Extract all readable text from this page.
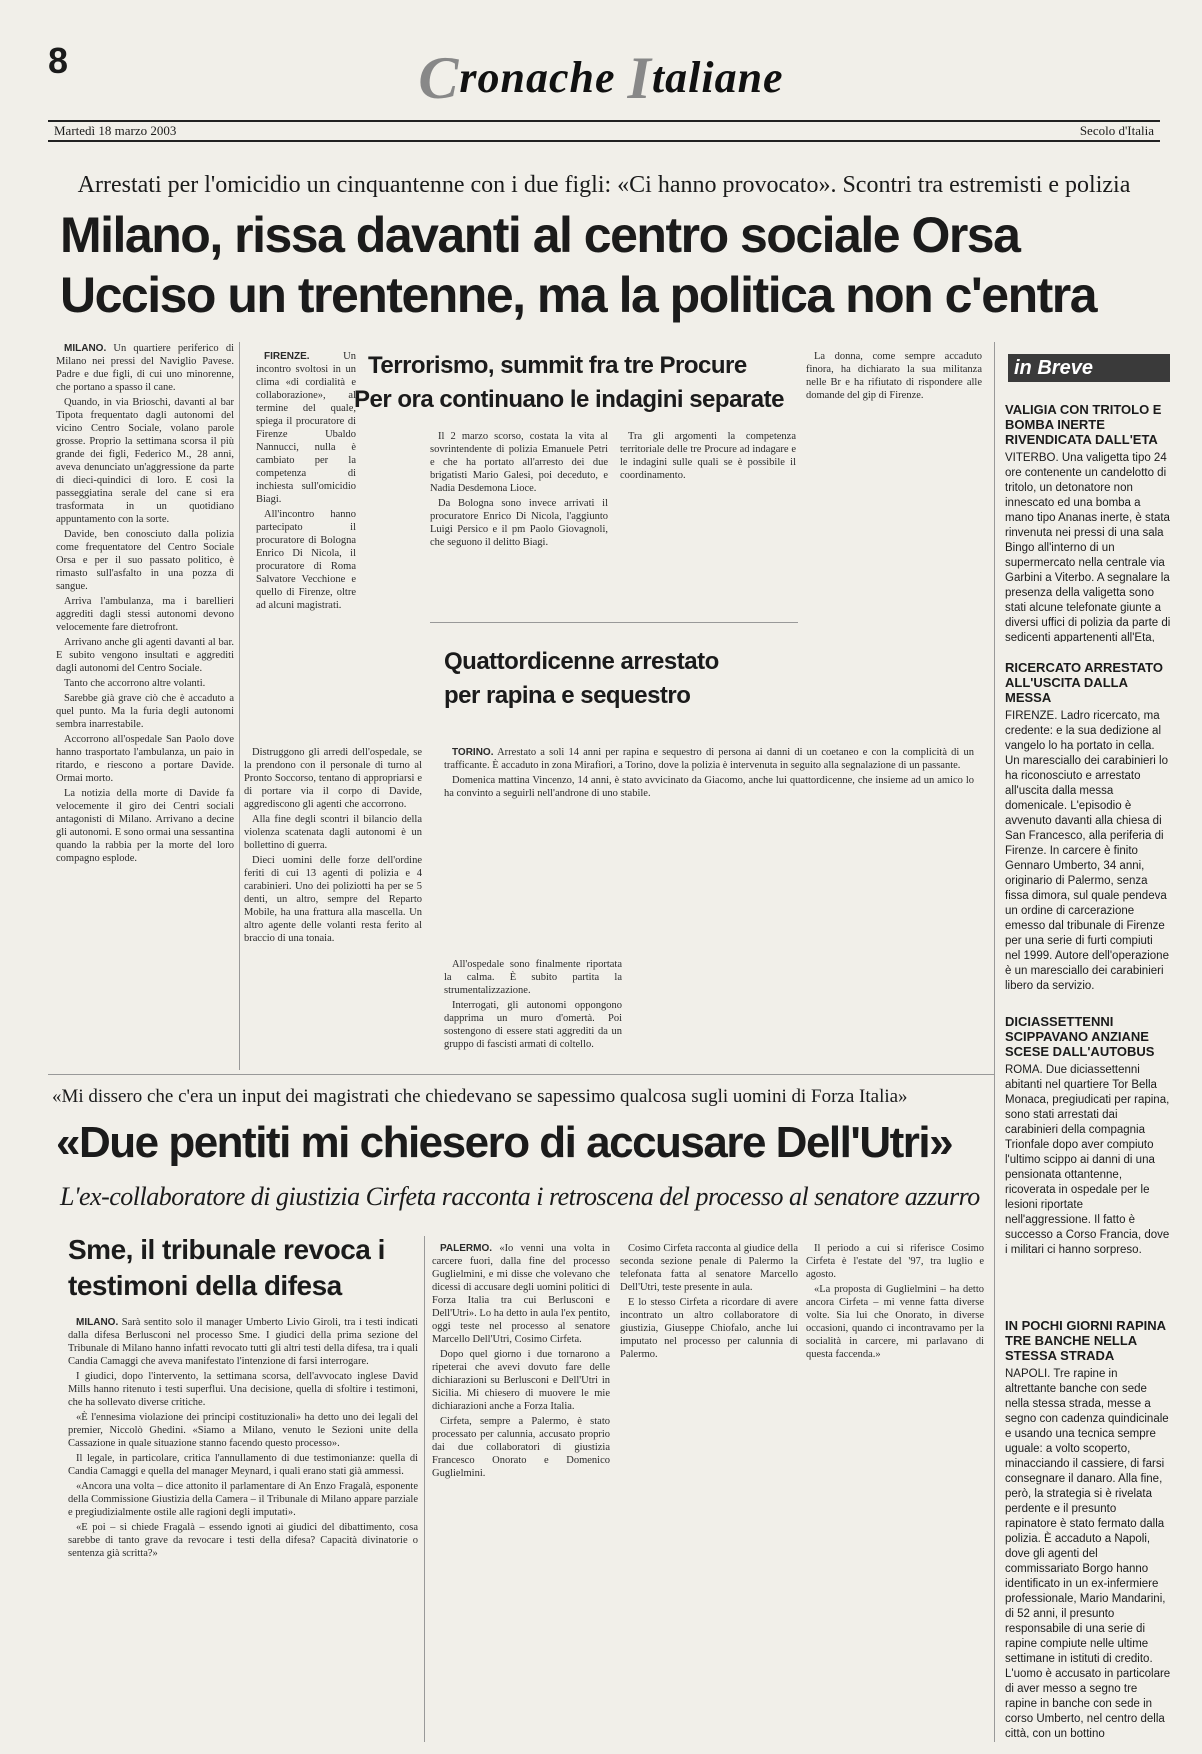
8	Cronache Italiane
Martedì 18 marzo 2003	Secolo d'Italia
Arrestati per l'omicidio un cinquantenne con i due figli: «Ci hanno provocato». Scontri tra estremisti e polizia
Milano, rissa davanti al centro sociale Orsa
Ucciso un trentenne, ma la politica non c'entra

MILANO. Un quartiere periferico di Milano nei pressi del Naviglio Pavese. Padre e due figli, di cui uno minorenne, che portano a spasso il cane.

Quando, in via Brioschi, davanti al bar Tipota frequentato dagli autonomi del vicino Centro Sociale, volano parole grosse. Proprio la settimana scorsa il più grande dei figli, Federico M., 28 anni, aveva denunciato un'aggressione da parte di dieci-quindici di loro. E così la passeggiatina serale del cane si era trasformata in un quotidiano appuntamento con la sorte.

Davide, ben conosciuto dalla polizia come frequentatore del Centro Sociale Orsa e per il suo passato politico, è rimasto sull'asfalto in una pozza di sangue.

Arriva l'ambulanza, ma i barellieri aggrediti dagli stessi autonomi devono velocemente fare dietrofront.

Arrivano anche gli agenti davanti al bar. E subito vengono insultati e aggrediti dagli autonomi del Centro Sociale.

Tanto che accorrono altre volanti.

Sarebbe già grave ciò che è accaduto a quel punto. Ma la furia degli autonomi sembra inarrestabile.

Accorrono all'ospedale San Paolo dove hanno trasportato l'ambulanza, un paio in ritardo, e riescono a portare Davide. Ormai morto.

La notizia della morte di Davide fa velocemente il giro dei Centri sociali antagonisti di Milano. Arrivano a decine gli autonomi. E sono ormai una sessantina quando la rabbia per la morte del loro compagno esplode.

Distruggono gli arredi dell'ospedale, se la prendono con il personale di turno al Pronto Soccorso, tentano di appropriarsi e di portare via il corpo di Davide, aggrediscono gli agenti che accorrono.

Alla fine degli scontri il bilancio della violenza scatenata dagli autonomi è un bollettino di guerra.

Dieci uomini delle forze dell'ordine feriti di cui 13 agenti di polizia e 4 carabinieri. Uno dei poliziotti ha per se 5 denti, un altro, sempre del Reparto Mobile, ha una frattura alla mascella. Un altro agente delle volanti resta ferito al braccio di una tonaia.

Terrorismo, summit fra tre Procure
Per ora continuano le indagini separate

FIRENZE.	Un incontro svoltosi in un clima «di cordialità e collaborazione», al termine del quale, spiega il procuratore di Firenze Ubaldo Nannucci, nulla è cambiato per la competenza di inchiesta sull'omicidio Biagi.

All'incontro hanno partecipato il procuratore di Bologna Enrico Di Nicola, il procuratore di Roma Salvatore Vecchione e quello di Firenze, oltre ad alcuni magistrati.

Il 2 marzo scorso, costata la vita al sovrintendente di polizia Emanuele Petri e che ha portato all'arresto dei due brigatisti Mario Galesi, poi deceduto, e Nadia Desdemona Lioce.

Da Bologna sono invece arrivati il procuratore Enrico Di Nicola, l'aggiunto Luigi Persico e il pm Paolo Giovagnoli, che seguono il delitto Biagi.

Tra gli argomenti la competenza territoriale delle tre Procure ad indagare e le indagini sulle quali se è possibile il coordinamento.

La donna, come sempre accaduto finora, ha dichiarato la sua militanza nelle Br e ha rifiutato di rispondere alle domande del gip di Firenze.

Quattordicenne arrestato
per rapina e sequestro

TORINO. Arrestato a soli 14 anni per rapina e sequestro di persona ai danni di un coetaneo e con la complicità di un trafficante. È accaduto in zona Mirafiori, a Torino, dove la polizia è intervenuta in seguito alla segnalazione di un passante.

Domenica mattina Vincenzo, 14 anni, è stato avvicinato da Giacomo, anche lui quattordicenne, che insieme ad un amico lo ha convinto a seguirli nell'androne di uno stabile.

All'ospedale sono finalmente riportata la calma. È subito partita la strumentalizzazione.

Interrogati, gli autonomi oppongono dapprima un muro d'omertà. Poi sostengono di essere stati aggrediti da un gruppo di fascisti armati di coltello.

in Breve

VALIGIA CON TRITOLO E BOMBA INERTE RIVENDICATA DALL'ETA

VITERBO. Una valigetta tipo 24 ore contenente un candelotto di tritolo, un detonatore non innescato ed una bomba a mano tipo Ananas inerte, è stata rinvenuta nei pressi di una sala Bingo all'interno di un supermercato nella centrale via Garbini a Viterbo. A segnalare la presenza della valigetta sono stati alcune telefonate giunte a diversi uffici di polizia da parte di sedicenti appartenenti all'Eta,

RICERCATO ARRESTATO ALL'USCITA DALLA MESSA

FIRENZE. Ladro ricercato, ma credente: e la sua dedizione al vangelo lo ha portato in cella. Un maresciallo dei carabinieri lo ha riconosciuto e arrestato all'uscita dalla messa domenicale. L'episodio è avvenuto davanti alla chiesa di San Francesco, alla periferia di Firenze. In carcere è finito Gennaro Umberto, 34 anni, originario di Palermo, senza fissa dimora, sul quale pendeva un ordine di carcerazione emesso dal tribunale di Firenze per una serie di furti compiuti nel 1999. Autore dell'operazione è un maresciallo dei carabinieri libero da servizio.

DICIASSETTENNI SCIPPAVANO ANZIANE SCESE DALL'AUTOBUS

ROMA. Due diciassettenni abitanti nel quartiere Tor Bella Monaca, pregiudicati per rapina, sono stati arrestati dai carabinieri della compagnia Trionfale dopo aver compiuto l'ultimo scippo ai danni di una pensionata ottantenne, ricoverata in ospedale per le lesioni riportate nell'aggressione. Il fatto è successo a Corso Francia, dove i militari ci hanno sorpreso.

IN POCHI GIORNI RAPINA TRE BANCHE NELLA STESSA STRADA

NAPOLI. Tre rapine in altrettante banche con sede nella stessa strada, messe a segno con cadenza quindicinale e usando una tecnica sempre uguale: a volto scoperto, minacciando il cassiere, di farsi consegnare il danaro. Alla fine, però, la strategia si è rivelata perdente e il presunto rapinatore è stato fermato dalla polizia. È accaduto a Napoli, dove gli agenti del commissariato Borgo hanno identificato in un ex-infermiere professionale, Mario Mandarini, di 52 anni, il presunto responsabile di una serie di rapine compiute nelle ultime settimane in istituti di credito. L'uomo è accusato in particolare di aver messo a segno tre rapine in banche con sede in corso Umberto, nel centro della città, con un bottino

«Mi dissero che c'era un input dei magistrati che chiedevano se sapessimo qualcosa sugli uomini di Forza Italia»
«Due pentiti mi chiesero di accusare Dell'Utri»
L'ex-collaboratore di giustizia Cirfeta racconta i retroscena del processo al senatore azzurro

PALERMO. «Io venni una volta in carcere fuori, dalla fine del processo Guglielmini, e mi disse che volevano che dicessi di accusare degli uomini politici di Forza Italia tra cui Berlusconi e Dell'Utri». Lo ha detto in aula l'ex pentito, oggi teste nel processo al senatore Marcello Dell'Utri, Cosimo Cirfeta.

Dopo quel giorno i due tornarono a ripeterai che avevi dovuto fare delle dichiarazioni su Berlusconi e Dell'Utri in Sicilia. Mi chiesero di muovere le mie dichiarazioni anche a Forza Italia.

Cirfeta, sempre a Palermo, è stato processato per calunnia, accusato proprio dai due collaboratori di giustizia Francesco Onorato e Domenico Guglielmini.

Cosimo Cirfeta racconta al giudice della seconda sezione penale di Palermo la telefonata fatta al senatore Marcello Dell'Utri, teste presente in aula.

E lo stesso Cirfeta a ricordare di avere incontrato un altro collaboratore di giustizia, Giuseppe Chiofalo, anche lui imputato nel processo per calunnia di Palermo.

Il periodo a cui si riferisce Cosimo Cirfeta è l'estate del '97, tra luglio e agosto.

«La proposta di Guglielmini – ha detto ancora Cirfeta – mi venne fatta diverse volte. Sia lui che Onorato, in diverse occasioni, quando ci incontravamo per la socialità in carcere, mi parlavano di questa faccenda.»

Sme, il tribunale revoca i testimoni della difesa

MILANO. Sarà sentito solo il manager Umberto Livio Giroli, tra i testi indicati dalla difesa Berlusconi nel processo Sme. I giudici della prima sezione del Tribunale di Milano hanno infatti revocato tutti gli altri testi della difesa, tra i quali Candia Camaggi che aveva manifestato l'intenzione di farsi interrogare.

I giudici, dopo l'intervento, la settimana scorsa, dell'avvocato inglese David Mills hanno ritenuto i testi superflui. Una decisione, quella di sfoltire i testimoni, che ha sollevato diverse critiche.

«È l'ennesima violazione dei principi costituzionali» ha detto uno dei legali del premier, Niccolò Ghedini. «Siamo a Milano, venuto le Sezioni unite della Cassazione in quale situazione stanno facendo questo processo».

Il legale, in particolare, critica l'annullamento di due testimonianze: quella di Candia Camaggi e quella del manager Meynard, i quali erano stati già ammessi.

«Ancora una volta – dice attonito il parlamentare di An Enzo Fragalà, esponente della Commissione Giustizia della Camera – il Tribunale di Milano appare parziale e pregiudizialmente ostile alle ragioni degli imputati».

«E poi – si chiede Fragalà – essendo ignoti ai giudici del dibattimento, cosa sarebbe di tanto grave da revocare i testi della difesa? Capacità divinatorie o sentenza già scritta?»
